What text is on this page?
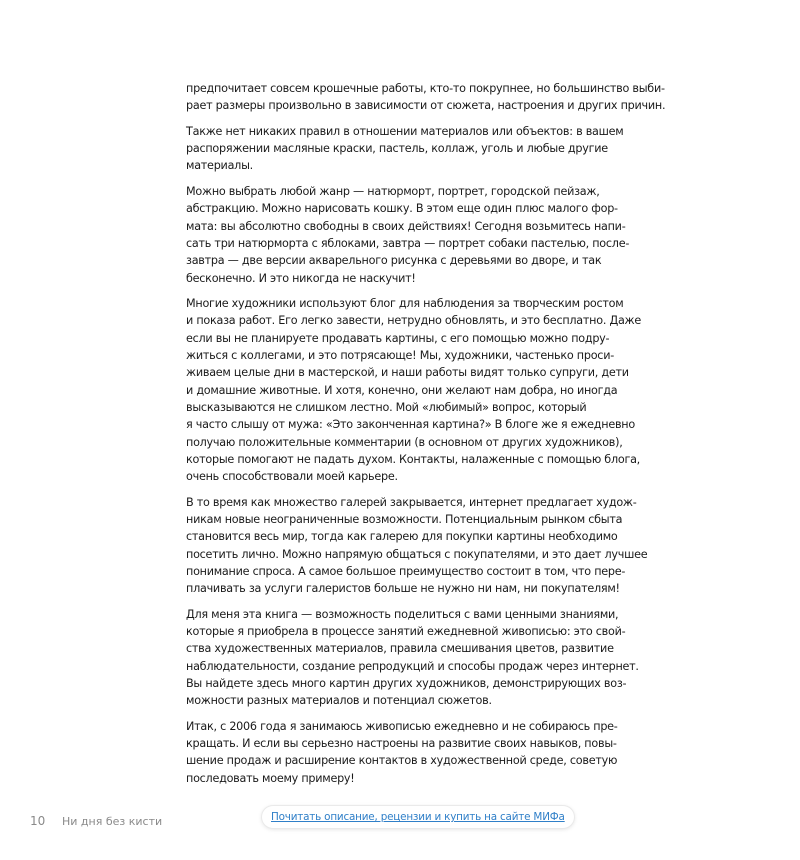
предпочитает совсем крошечные работы, кто-то покрупнее, но большинство выби-
рает размеры произвольно в зависимости от сюжета, настроения и других причин.

Также нет никаких правил в отношении материалов или объектов: в вашем
распоряжении масляные краски, пастель, коллаж, уголь и любые другие
материалы.

Можно выбрать любой жанр — натюрморт, портрет, городской пейзаж,
абстракцию. Можно нарисовать кошку. В этом еще один плюс малого фор-
мата: вы абсолютно свободны в своих действиях! Сегодня возьмитесь напи-
сать три натюрморта с яблоками, завтра — портрет собаки пастелью, после-
завтра — две версии акварельного рисунка с деревьями во дворе, и так
бесконечно. И это никогда не наскучит!

Многие художники используют блог для наблюдения за творческим ростом
и показа работ. Его легко завести, нетрудно обновлять, и это бесплатно. Даже
если вы не планируете продавать картины, с его помощью можно подру-
житься с коллегами, и это потрясающе! Мы, художники, частенько проси-
живаем целые дни в мастерской, и наши работы видят только супруги, дети
и домашние животные. И хотя, конечно, они желают нам добра, но иногда
высказываются не слишком лестно. Мой «любимый» вопрос, который
я часто слышу от мужа: «Это законченная картина?» В блоге же я ежедневно
получаю положительные комментарии (в основном от других художников),
которые помогают не падать духом. Контакты, налаженные с помощью блога,
очень способствовали моей карьере.

В то время как множество галерей закрывается, интернет предлагает худож-
никам новые неограниченные возможности. Потенциальным рынком сбыта
становится весь мир, тогда как галерею для покупки картины необходимо
посетить лично. Можно напрямую общаться с покупателями, и это дает лучшее
понимание спроса. А самое большое преимущество состоит в том, что пере-
плачивать за услуги галеристов больше не нужно ни нам, ни покупателям!

Для меня эта книга — возможность поделиться с вами ценными знаниями,
которые я приобрела в процессе занятий ежедневной живописью: это свой-
ства художественных материалов, правила смешивания цветов, развитие
наблюдательности, создание репродукций и способы продаж через интернет.
Вы найдете здесь много картин других художников, демонстрирующих воз-
можности разных материалов и потенциал сюжетов.

Итак, с 2006 года я занимаюсь живописью ежедневно и не собираюсь пре-
кращать. И если вы серьезно настроены на развитие своих навыков, повы-
шение продаж и расширение контактов в художественной среде, советую
последовать моему примеру!

10 Ни дня без кисти	Почитать описание, рецензии и купить на сайте МИФа
